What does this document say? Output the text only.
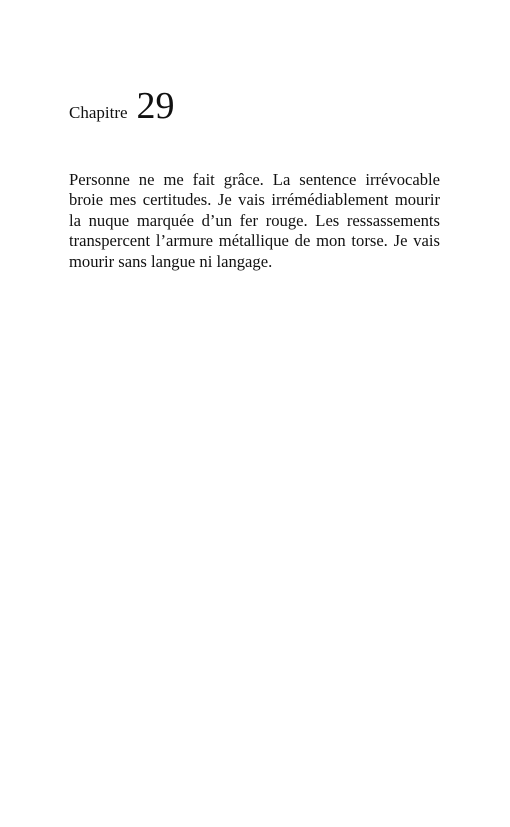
Chapitre 29

Personne ne me fait grâce. La sentence irrévocable broie mes certitudes. Je vais irrémédiablement mourir la nuque marquée d’un fer rouge. Les ressassements transpercent l’armure métallique de mon torse. Je vais mourir sans langue ni langage.
